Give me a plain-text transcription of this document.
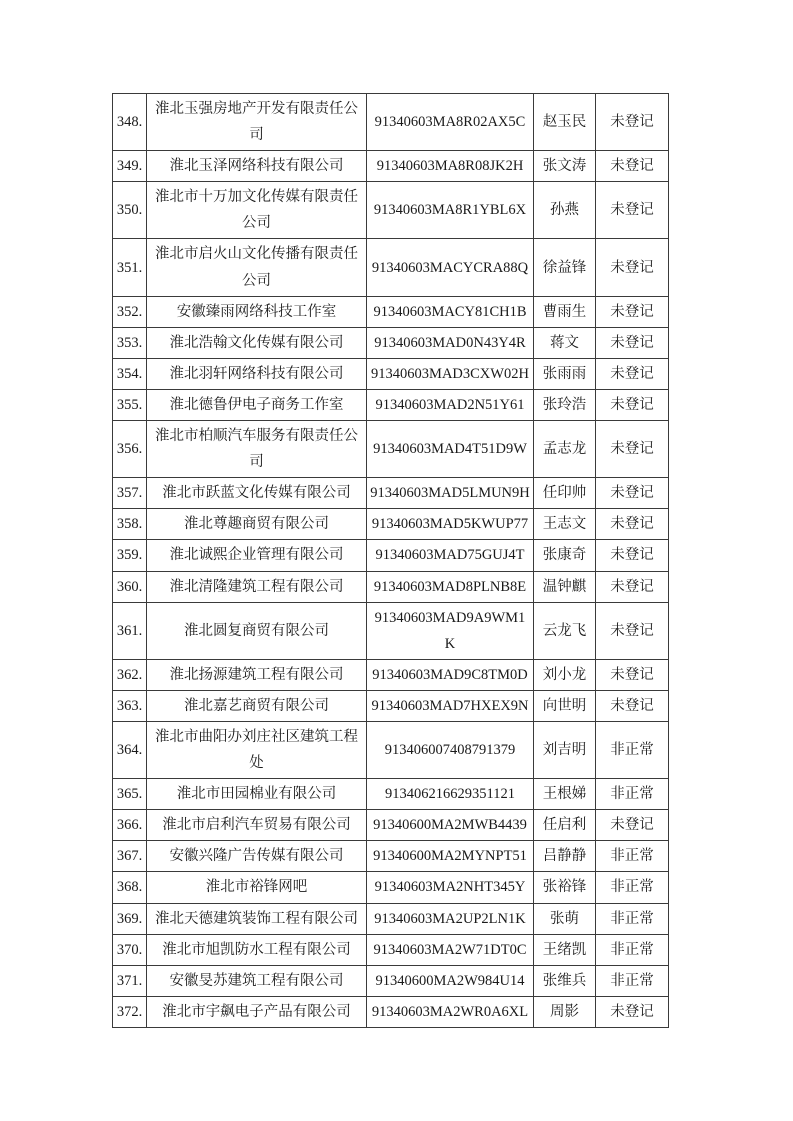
348.	淮北玉强房地产开发有限责任公司	91340603MA8R02AX5C	赵玉民	未登记
349.	淮北玉泽网络科技有限公司	91340603MA8R08JK2H	张文涛	未登记
350.	淮北市十万加文化传媒有限责任公司	91340603MA8R1YBL6X	孙燕	未登记
351.	淮北市启火山文化传播有限责任公司	91340603MACYCRA88Q	徐益锋	未登记
352.	安徽臻雨网络科技工作室	91340603MACY81CH1B	曹雨生	未登记
353.	淮北浩翰文化传媒有限公司	91340603MAD0N43Y4R	蒋文	未登记
354.	淮北羽轩网络科技有限公司	91340603MAD3CXW02H	张雨雨	未登记
355.	淮北德鲁伊电子商务工作室	91340603MAD2N51Y61	张玲浩	未登记
356.	淮北市柏顺汽车服务有限责任公司	91340603MAD4T51D9W	孟志龙	未登记
357.	淮北市跃蓝文化传媒有限公司	91340603MAD5LMUN9H	任印帅	未登记
358.	淮北尊趣商贸有限公司	91340603MAD5KWUP77	王志文	未登记
359.	淮北诚熙企业管理有限公司	91340603MAD75GUJ4T	张康奇	未登记
360.	淮北清隆建筑工程有限公司	91340603MAD8PLNB8E	温钟麒	未登记
361.	淮北圆复商贸有限公司	91340603MAD9A9WM1K	云龙飞	未登记
362.	淮北扬源建筑工程有限公司	91340603MAD9C8TM0D	刘小龙	未登记
363.	淮北嘉艺商贸有限公司	91340603MAD7HXEX9N	向世明	未登记
364.	淮北市曲阳办刘庄社区建筑工程处	913406007408791379	刘吉明	非正常
365.	淮北市田园棉业有限公司	913406216629351121	王根娣	非正常
366.	淮北市启利汽车贸易有限公司	91340600MA2MWB4439	任启利	未登记
367.	安徽兴隆广告传媒有限公司	91340600MA2MYNPT51	吕静静	非正常
368.	淮北市裕锋网吧	91340603MA2NHT345Y	张裕锋	非正常
369.	淮北天德建筑装饰工程有限公司	91340603MA2UP2LN1K	张萌	非正常
370.	淮北市旭凯防水工程有限公司	91340603MA2W71DT0C	王绪凯	非正常
371.	安徽旻苏建筑工程有限公司	91340600MA2W984U14	张维兵	非正常
372.	淮北市宇飙电子产品有限公司	91340603MA2WR0A6XL	周影	未登记
